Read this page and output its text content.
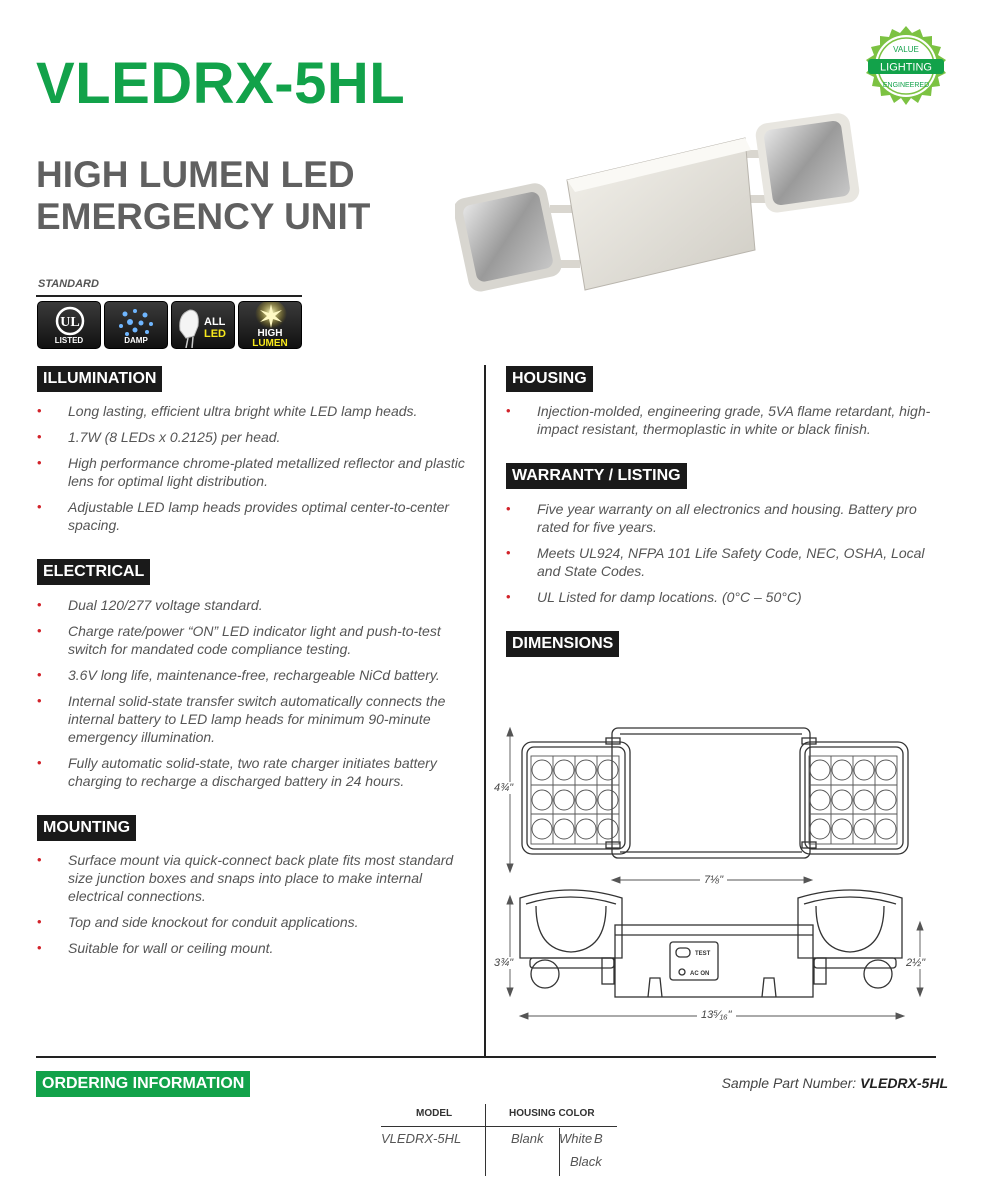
VLEDRX-5HL
HIGH LUMEN LED
EMERGENCY UNIT
LIGHTING
VALUE
ENGINEERED
STANDARD
UL
LISTED	DAMP
ALL
LED	HIGH
LUMEN
ILLUMINATION
• Long lasting, efficient ultra bright white LED lamp heads.
• 1.7W (8 LEDs x 0.2125) per head.
• High performance chrome-plated metallized reflector and plastic lens for optimal light distribution.
• Adjustable LED lamp heads provides optimal center-to-center spacing.
ELECTRICAL
• Dual 120/277 voltage standard.
• Charge rate/power “ON” LED indicator light and push-to-test switch for mandated code compliance testing.
• 3.6V long life, maintenance-free, rechargeable NiCd battery.
• Internal solid-state transfer switch automatically connects the internal battery to LED lamp heads for minimum 90-minute emergency illumination.
• Fully automatic solid-state, two rate charger initiates battery charging to recharge a discharged battery in 24 hours.
MOUNTING
• Surface mount via quick-connect back plate fits most standard size junction boxes and snaps into place to make internal electrical connections.
• Top and side knockout for conduit applications.
• Suitable for wall or ceiling mount.
HOUSING
• Injection-molded, engineering grade, 5VA flame retardant, high-impact resistant, thermoplastic in white or black finish.
WARRANTY / LISTING
• Five year warranty on all electronics and housing. Battery pro rated for five years.
• Meets UL924, NFPA 101 Life Safety Code, NEC, OSHA, Local and State Codes.
• UL Listed for damp locations. (0°C – 50°C)
DIMENSIONS
TEST
AC ON
4¾"
7⅛"
3¾"	2½"
13⁵⁄₁₆"
ORDERING INFORMATION	Sample Part Number: VLEDRX-5HL
MODEL	HOUSING COLOR
VLEDRX-5HL	Blank White B
Black
